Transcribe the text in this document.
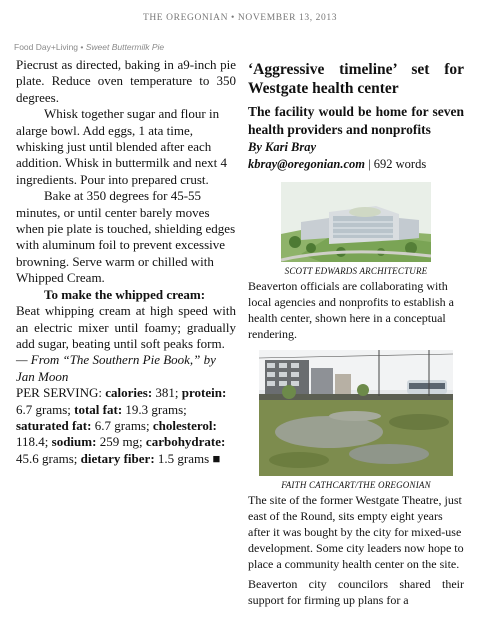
THE OREGONIAN • NOVEMBER 13, 2013
Food Day+Living • Sweet Buttermilk Pie

Piecrust as directed, baking in a9-inch pie plate. Reduce oven temperature to 350 degrees.

Whisk together sugar and flour in alarge bowl. Add eggs, 1 ata time, whisking just until blended after each addition. Whisk in buttermilk and next 4 ingredients. Pour into prepared crust.

Bake at 350 degrees for 45-55 minutes, or until center barely moves when pie plate is touched, shielding edges with aluminum foil to prevent excessive browning. Serve warm or chilled with Whipped Cream.

To make the whipped cream:

Beat whipping cream at high speed with an electric mixer until foamy; gradually add sugar, beating until soft peaks form.

— From “The Southern Pie Book,” by Jan Moon

PER SERVING: calories: 381; protein: 6.7 grams; total fat: 19.3 grams; saturated fat: 6.7 grams; cholesterol: 118.4; sodium: 259 mg; carbohydrate: 45.6 grams; dietary fiber: 1.5 grams ■

‘Aggressive timeline’ set for Westgate health center

The facility would be home for seven health providers and nonprofits

By Kari Bray
kbray@oregonian.com | 692 words
SCOTT EDWARDS ARCHITECTURE

Beaverton officials are collaborating with local agencies and nonprofits to establish a health center, shown here in a conceptual rendering.

FAITH CATHCART/THE OREGONIAN

The site of the former Westgate Theatre, just east of the Round, sits empty eight years after it was bought by the city for mixed-use development. Some city leaders now hope to place a community health center on the site.

Beaverton city councilors shared their support for firming up plans for a
